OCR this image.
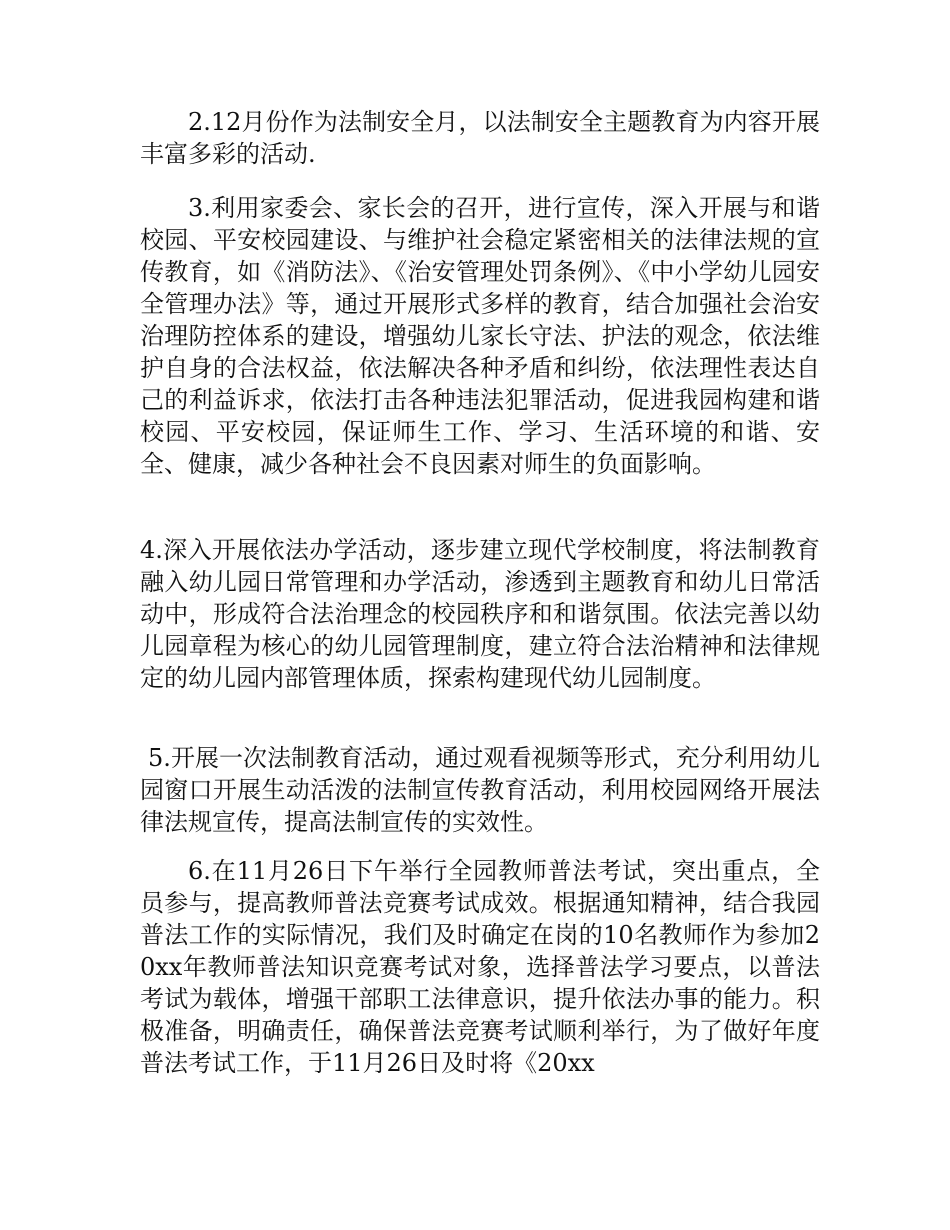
2.12月份作为法制安全月，以法制安全主题教育为内容开展丰富多彩的活动.

3.利用家委会、家长会的召开，进行宣传，深入开展与和谐校园、平安校园建设、与维护社会稳定紧密相关的法律法规的宣传教育，如《消防法》、《治安管理处罚条例》、《中小学幼儿园安全管理办法》等，通过开展形式多样的教育，结合加强社会治安治理防控体系的建设，增强幼儿家长守法、护法的观念，依法维护自身的合法权益，依法解决各种矛盾和纠纷，依法理性表达自己的利益诉求，依法打击各种违法犯罪活动，促进我园构建和谐校园、平安校园，保证师生工作、学习、生活环境的和谐、安全、健康，减少各种社会不良因素对师生的负面影响。

4.深入开展依法办学活动，逐步建立现代学校制度，将法制教育融入幼儿园日常管理和办学活动，渗透到主题教育和幼儿日常活动中，形成符合法治理念的校园秩序和和谐氛围。依法完善以幼儿园章程为核心的幼儿园管理制度，建立符合法治精神和法律规定的幼儿园内部管理体质，探索构建现代幼儿园制度。

5.开展一次法制教育活动，通过观看视频等形式，充分利用幼儿园窗口开展生动活泼的法制宣传教育活动，利用校园网络开展法律法规宣传，提高法制宣传的实效性。

6.在11月26日下午举行全园教师普法考试，突出重点，全员参与，提高教师普法竞赛考试成效。根据通知精神，结合我园普法工作的实际情况，我们及时确定在岗的10名教师作为参加20xx年教师普法知识竞赛考试对象，选择普法学习要点，以普法考试为载体，增强干部职工法律意识，提升依法办事的能力。积极准备，明确责任，确保普法竞赛考试顺利举行，为了做好年度普法考试工作，于11月26日及时将《20xx
